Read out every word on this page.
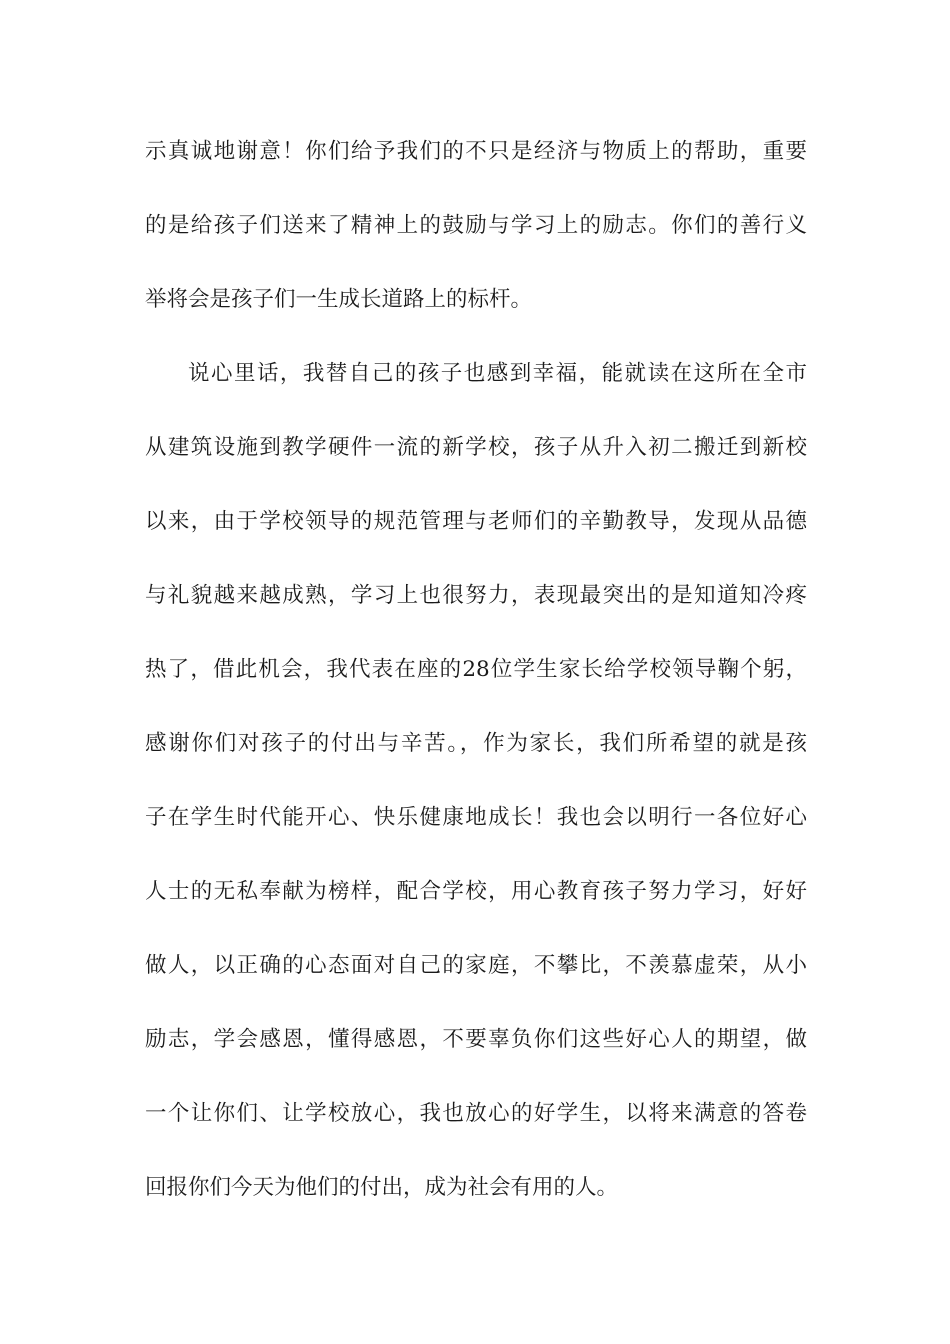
示真诚地谢意！你们给予我们的不只是经济与物质上的帮助，重要
的是给孩子们送来了精神上的鼓励与学习上的励志。你们的善行义
举将会是孩子们一生成长道路上的标杆。
说心里话，我替自己的孩子也感到幸福，能就读在这所在全市
从建筑设施到教学硬件一流的新学校，孩子从升入初二搬迁到新校
以来，由于学校领导的规范管理与老师们的辛勤教导，发现从品德
与礼貌越来越成熟，学习上也很努力，表现最突出的是知道知冷疼
热了，借此机会，我代表在座的28位学生家长给学校领导鞠个躬，
感谢你们对孩子的付出与辛苦。，作为家长，我们所希望的就是孩
子在学生时代能开心、快乐健康地成长！我也会以明行一各位好心
人士的无私奉献为榜样，配合学校，用心教育孩子努力学习，好好
做人，以正确的心态面对自己的家庭，不攀比，不羡慕虚荣，从小
励志，学会感恩，懂得感恩，不要辜负你们这些好心人的期望，做
一个让你们、让学校放心，我也放心的好学生，以将来满意的答卷
回报你们今天为他们的付出，成为社会有用的人。
